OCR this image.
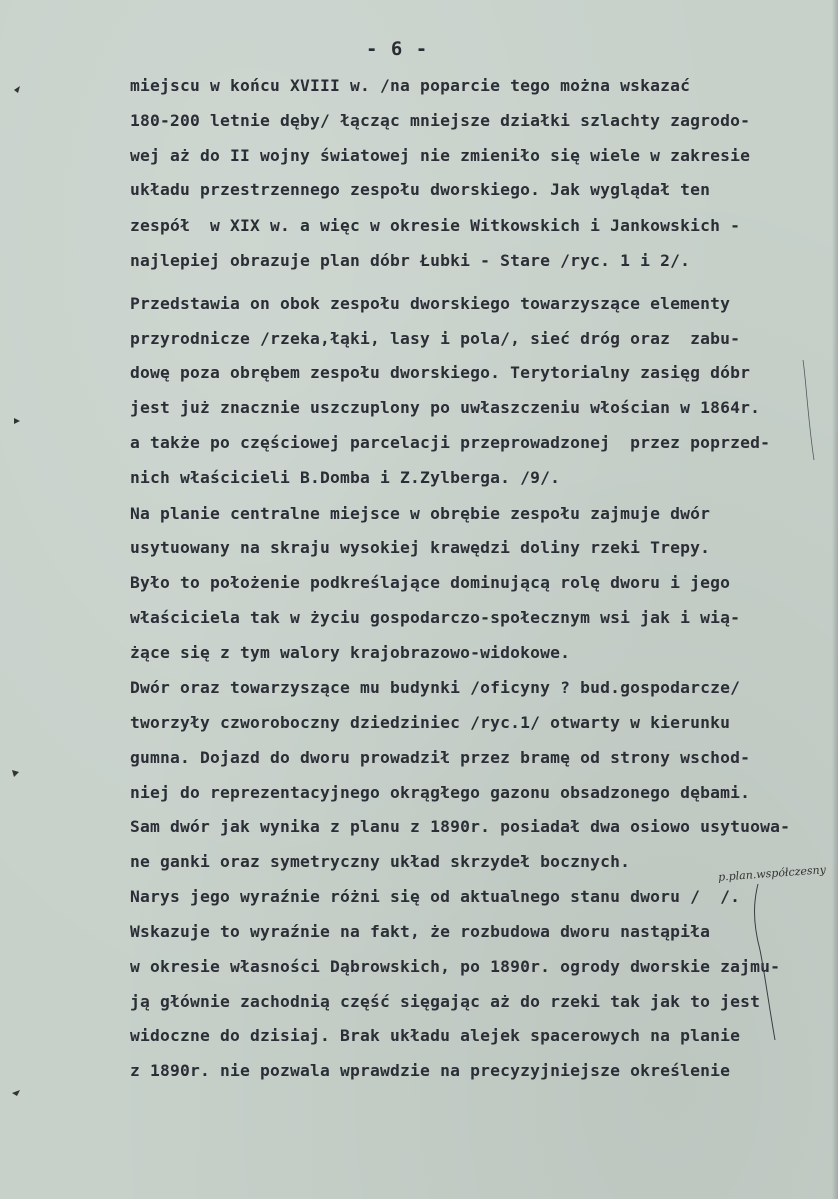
- 6 -
miejscu w końcu XVIII w. /na poparcie tego można wskazać
180-200 letnie dęby/ łącząc mniejsze działki szlachty zagrodo-
wej aż do II wojny światowej nie zmieniło się wiele w zakresie
układu przestrzennego zespołu dworskiego. Jak wyglądał ten
zespół  w XIX w. a więc w okresie Witkowskich i Jankowskich -
najlepiej obrazuje plan dóbr Łubki - Stare /ryc. 1 i 2/.
Przedstawia on obok zespołu dworskiego towarzyszące elementy
przyrodnicze /rzeka,łąki, lasy i pola/, sieć dróg oraz  zabu-
dowę poza obrębem zespołu dworskiego. Terytorialny zasięg dóbr
jest już znacznie uszczuplony po uwłaszczeniu włościan w 1864r.
a także po częściowej parcelacji przeprowadzonej  przez poprzed-
nich właścicieli B.Domba i Z.Zylberga. /9/.
Na planie centralne miejsce w obrębie zespołu zajmuje dwór
usytuowany na skraju wysokiej krawędzi doliny rzeki Trepy.
Było to położenie podkreślające dominującą rolę dworu i jego
właściciela tak w życiu gospodarczo-społecznym wsi jak i wią-
żące się z tym walory krajobrazowo-widokowe.
Dwór oraz towarzyszące mu budynki /oficyny ? bud.gospodarcze/
tworzyły czworoboczny dziedziniec /ryc.1/ otwarty w kierunku
gumna. Dojazd do dworu prowadził przez bramę od strony wschod-
niej do reprezentacyjnego okrągłego gazonu obsadzonego dębami.
Sam dwór jak wynika z planu z 1890r. posiadał dwa osiowo usytuowa-
ne ganki oraz symetryczny układ skrzydeł bocznych.
Narys jego wyraźnie różni się od aktualnego stanu dworu /  /.
Wskazuje to wyraźnie na fakt, że rozbudowa dworu nastąpiła
w okresie własności Dąbrowskich, po 1890r. ogrody dworskie zajmu-
ją głównie zachodnią część sięgając aż do rzeki tak jak to jest
widoczne do dzisiaj. Brak układu alejek spacerowych na planie
z 1890r. nie pozwala wprawdzie na precyzyjniejsze określenie
p.plan.współczesny
